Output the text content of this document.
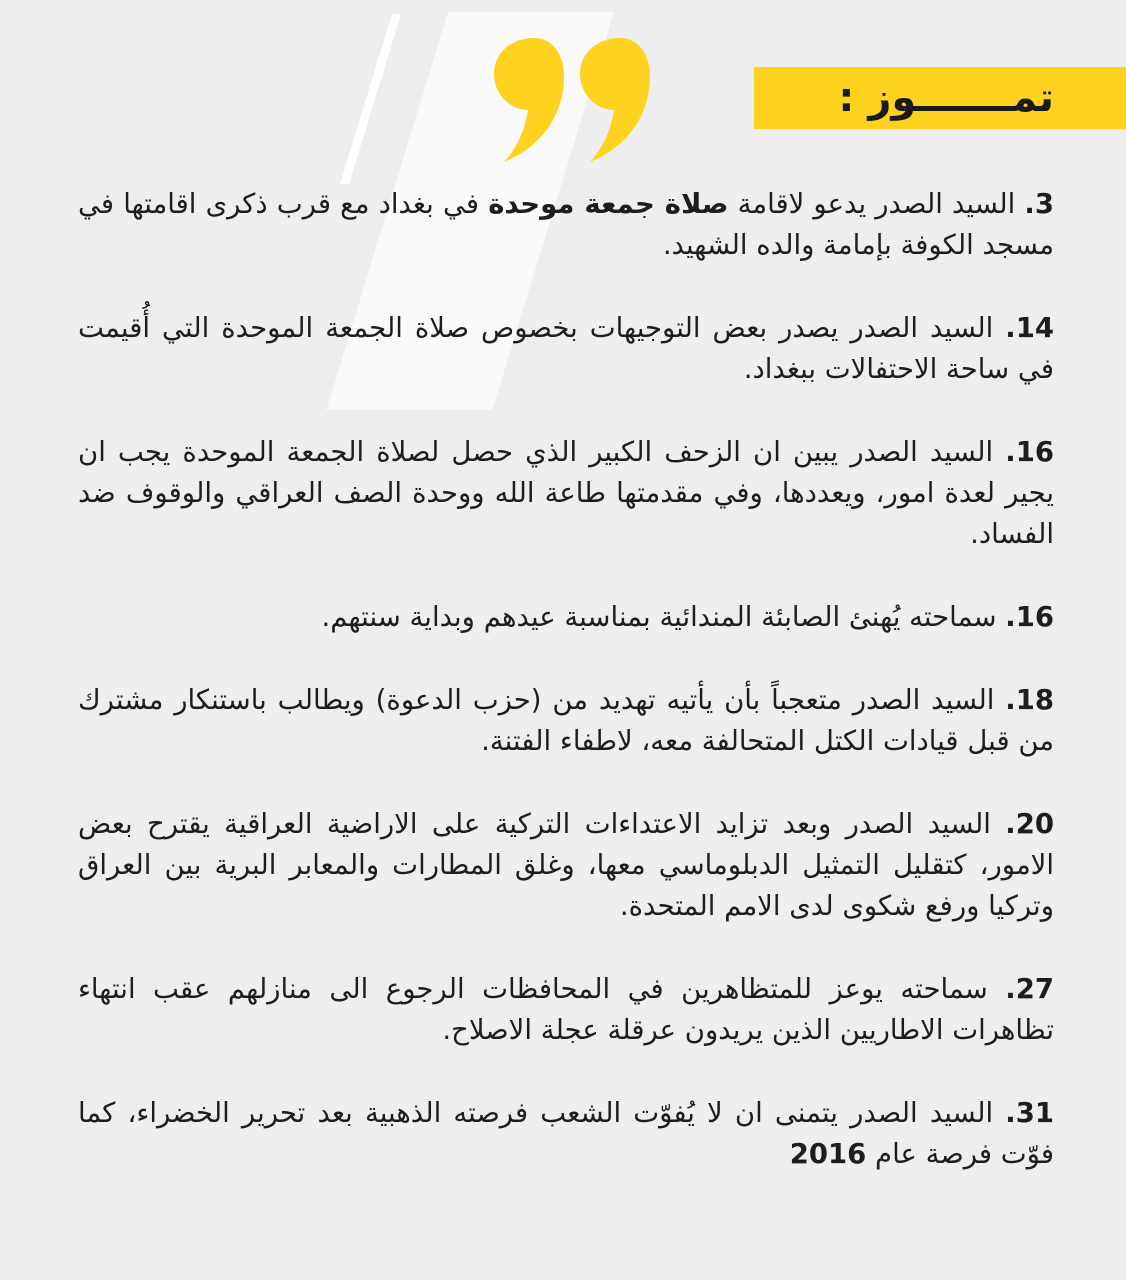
تمـــــــوز :

3. السيد الصدر يدعو لاقامة صلاة جمعة موحدة في بغداد مع قرب ذكرى اقامتها في مسجد الكوفة بإمامة والده الشهيد.

14. السيد الصدر يصدر بعض التوجيهات بخصوص صلاة الجمعة الموحدة التي أُقيمت في ساحة الاحتفالات ببغداد.

16. السيد الصدر يبين ان الزحف الكبير الذي حصل لصلاة الجمعة الموحدة يجب ان يجير لعدة امور، ويعددها، وفي مقدمتها طاعة الله ووحدة الصف العراقي والوقوف ضد الفساد.

16. سماحته يُهنئ الصابئة المندائية بمناسبة عيدهم وبداية سنتهم.

18. السيد الصدر متعجباً بأن يأتيه تهديد من (حزب الدعوة) ويطالب باستنكار مشترك من قبل قيادات الكتل المتحالفة معه، لاطفاء الفتنة.

20. السيد الصدر وبعد تزايد الاعتداءات التركية على الاراضية العراقية يقترح بعض الامور، كتقليل التمثيل الدبلوماسي معها، وغلق المطارات والمعابر البرية بين العراق وتركيا ورفع شكوى لدى الامم المتحدة.

27. سماحته يوعز للمتظاهرين في المحافظات الرجوع الى منازلهم عقب انتهاء تظاهرات الاطاريين الذين يريدون عرقلة عجلة الاصلاح.

31. السيد الصدر يتمنى ان لا يُفوّت الشعب فرصته الذهبية بعد تحرير الخضراء، كما فوّت فرصة عام 2016
